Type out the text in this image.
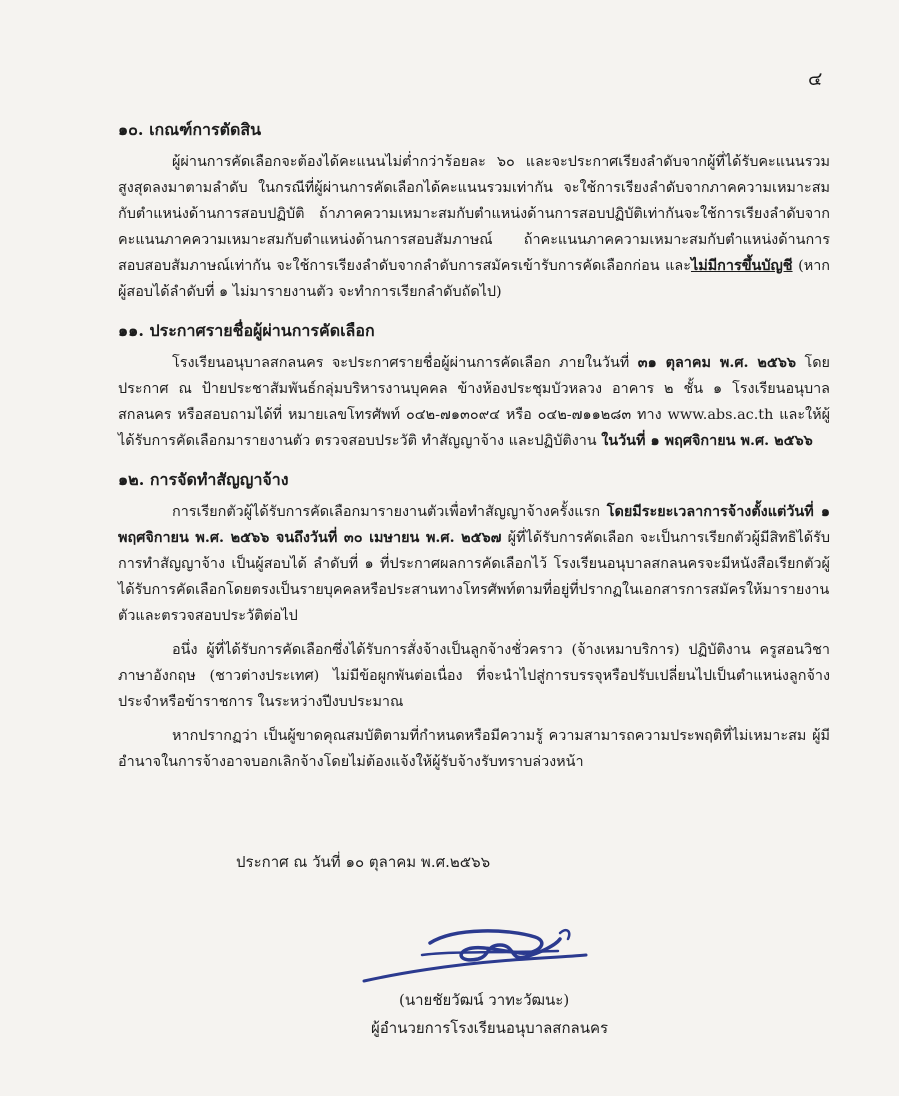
๔
๑๐. เกณฑ์การตัดสิน

ผู้ผ่านการคัดเลือกจะต้องได้คะแนนไม่ต่ำกว่าร้อยละ ๖๐ และจะประกาศเรียงลำดับจากผู้ที่ได้รับคะแนนรวมสูงสุดลงมาตามลำดับ ในกรณีที่ผู้ผ่านการคัดเลือกได้คะแนนรวมเท่ากัน จะใช้การเรียงลำดับจากภาคความเหมาะสมกับตำแหน่งด้านการสอบปฏิบัติ ถ้าภาคความเหมาะสมกับตำแหน่งด้านการสอบปฏิบัติเท่ากันจะใช้การเรียงลำดับจากคะแนนภาคความเหมาะสมกับตำแหน่งด้านการสอบสัมภาษณ์ ถ้าคะแนนภาคความเหมาะสมกับตำแหน่งด้านการสอบสอบสัมภาษณ์เท่ากัน จะใช้การเรียงลำดับจากลำดับการสมัครเข้ารับการคัดเลือกก่อน และไม่มีการขึ้นบัญชี (หากผู้สอบได้ลำดับที่ ๑ ไม่มารายงานตัว จะทำการเรียกลำดับถัดไป)

๑๑. ประกาศรายชื่อผู้ผ่านการคัดเลือก

โรงเรียนอนุบาลสกลนคร จะประกาศรายชื่อผู้ผ่านการคัดเลือก ภายในวันที่ ๓๑ ตุลาคม พ.ศ. ๒๕๖๖ โดยประกาศ ณ ป้ายประชาสัมพันธ์กลุ่มบริหารงานบุคคล ข้างห้องประชุมบัวหลวง อาคาร ๒ ชั้น ๑ โรงเรียนอนุบาลสกลนคร หรือสอบถามได้ที่ หมายเลขโทรศัพท์ ๐๔๒-๗๑๓๐๙๔ หรือ ๐๔๒-๗๑๑๒๘๓ ทาง www.abs.ac.th และให้ผู้ได้รับการคัดเลือกมารายงานตัว ตรวจสอบประวัติ ทำสัญญาจ้าง และปฏิบัติงาน ในวันที่ ๑ พฤศจิกายน พ.ศ. ๒๕๖๖

๑๒. การจัดทำสัญญาจ้าง

การเรียกตัวผู้ได้รับการคัดเลือกมารายงานตัวเพื่อทำสัญญาจ้างครั้งแรก โดยมีระยะเวลาการจ้างตั้งแต่วันที่ ๑ พฤศจิกายน พ.ศ. ๒๕๖๖ จนถึงวันที่ ๓๐ เมษายน พ.ศ. ๒๕๖๗ ผู้ที่ได้รับการคัดเลือก จะเป็นการเรียกตัวผู้มีสิทธิได้รับการทำสัญญาจ้าง เป็นผู้สอบได้ ลำดับที่ ๑ ที่ประกาศผลการคัดเลือกไว้ โรงเรียนอนุบาลสกลนครจะมีหนังสือเรียกตัวผู้ได้รับการคัดเลือกโดยตรงเป็นรายบุคคลหรือประสานทางโทรศัพท์ตามที่อยู่ที่ปรากฏในเอกสารการสมัครให้มารายงานตัวและตรวจสอบประวัติต่อไป

อนึ่ง ผู้ที่ได้รับการคัดเลือกซึ่งได้รับการสั่งจ้างเป็นลูกจ้างชั่วคราว (จ้างเหมาบริการ) ปฏิบัติงาน ครูสอนวิชาภาษาอังกฤษ (ชาวต่างประเทศ) ไม่มีข้อผูกพันต่อเนื่อง ที่จะนำไปสู่การบรรจุหรือปรับเปลี่ยนไปเป็นตำแหน่งลูกจ้างประจำหรือข้าราชการ ในระหว่างปีงบประมาณ

หากปรากฏว่า เป็นผู้ขาดคุณสมบัติตามที่กำหนดหรือมีความรู้ ความสามารถความประพฤติที่ไม่เหมาะสม ผู้มีอำนาจในการจ้างอาจบอกเลิกจ้างโดยไม่ต้องแจ้งให้ผู้รับจ้างรับทราบล่วงหน้า

ประกาศ ณ วันที่ ๑๐ ตุลาคม พ.ศ.๒๕๖๖
(นายชัยวัฒน์ วาทะวัฒนะ)
ผู้อำนวยการโรงเรียนอนุบาลสกลนคร
